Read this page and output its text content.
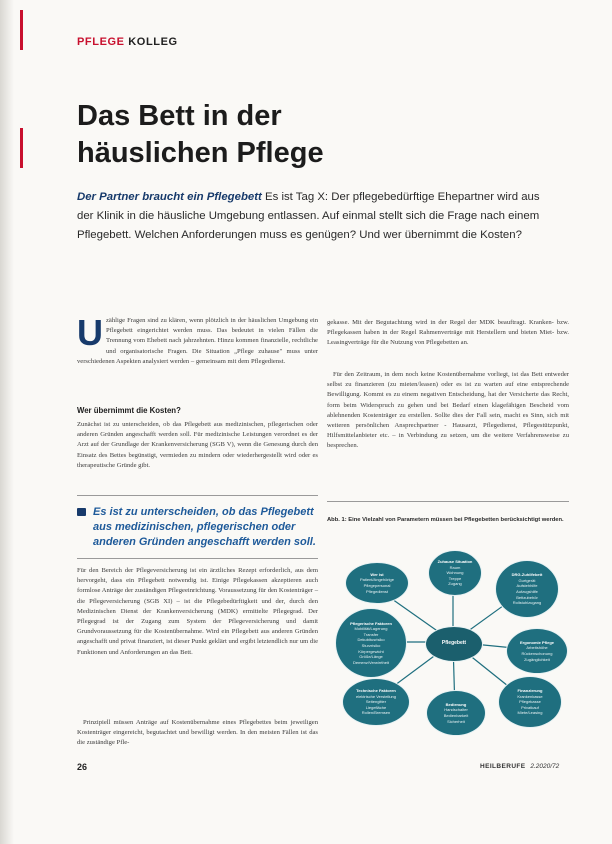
PFLEGE KOLLEG
Das Bett in der
häuslichen Pflege
Der Partner braucht ein Pflegebett Es ist Tag X: Der pflegebedürftige Ehepartner wird aus der Klinik in die häusliche Umgebung entlassen. Auf einmal stellt sich die Frage nach einem Pflegebett. Welchen Anforderungen muss es genügen? Und wer übernimmt die Kosten?
U zählige Fragen sind zu klären, wenn plötzlich in der häuslichen Umgebung ein Pflegebett eingerichtet werden muss. Das bedeutet in vielen Fällen die Trennung vom Ehebett nach jahrzehnten. Hinzu kommen finanzielle, rechtliche und organisatorische Fragen. Die Situation „Pflege zuhause" muss unter verschiedenen Aspekten analysiert werden – gemeinsam mit dem Pflegedienst.
Wer übernimmt die Kosten?
Zunächst ist zu unterscheiden, ob das Pflegebett aus medizinischen, pflegerischen oder anderen Gründen angeschafft werden soll. Für medizinische Leistungen verordnet es der Arzt auf der Grundlage der Krankenversicherung (SGB V), wenn die Genesung durch den Einsatz des Bettes begünstigt, vermieden zu mindern oder wiederhergestellt wird oder es therapeutische Gründe gibt.
Es ist zu unterscheiden, ob das Pflegebett aus medizinischen, pflegerischen oder anderen Gründen angeschafft werden soll.
Für den Bereich der Pflegeversicherung ist ein ärztliches Rezept erforderlich, aus dem hervorgeht, dass ein Pflegebett notwendig ist. Einige Pflegekassen akzeptieren auch formlose Anträge der zuständigen Pflegeeinrichtung. Voraussetzung für den Kostenträger – die Pflegeversicherung (SGB XI) – ist die Pflegebedürftigkeit und der, durch den Medizinischen Dienst der Krankenversicherung (MDK) ermittelte Pflegegrad. Der Pflegegrad ist der Zugang zum System der Pflegeversicherung und damit Grundvoraussetzung für die Kostenübernahme. Wird ein Pflegebett aus anderen Gründen angeschafft und privat finanziert, ist dieser Punkt geklärt und ergibt letztendlich nur um die Funktionen und Anforderungen an das Bett.
Prinzipiell müssen Anträge auf Kostenübernahme eines Pflegebettes beim jeweiligen Kostenträger eingereicht, begutachtet und bewilligt werden. In den meisten Fällen ist das die zuständige Pfle-
gekasse. Mit der Begutachtung wird in der Regel der MDK beauftragt. Kranken- bzw. Pflegekassen haben in der Regel Rahmenverträge mit Herstellern und bieten Miet- bzw. Leasingverträge für die Nutzung von Pflegebetten an.
Für den Zeitraum, in dem noch keine Kostenübernahme vorliegt, ist das Bett entweder selbst zu finanzieren (zu mieten/leasen) oder es ist zu warten auf eine entsprechende Bewilligung. Kommt es zu einem negativen Entscheidung, hat der Versicherte das Recht, form beim Widerspruch zu gehen und bei Bedarf einen klagefähigen Bescheid vom ablehnenden Kostenträger zu erstellen. Sollte dies der Fall sein, macht es Sinn, sich mit weiteren persönlichen Ansprechpartner - Hausarzt, Pflegedienst, Pflegestützpunkt, Hilfsmittelanbieter etc. – in Verbindung zu setzen, um die weitere Verfahrensweise zu besprechen.
Abb. 1: Eine Vielzahl von Parametern müssen bei Pflegebetten berücksichtigt werden.
Pflegebett
Zuhause Situation
Raum
Wohnung
Treppe
Zugang
Wer ist
Patient/Angehörige
Pflegepersonal
Pflegedienst
DRG-Zuhilfebett
Gurtgerät
Aufstehhilfe
Aufzugshilfe
Bettzubehör
Rollstuhlzugang
Pflegerische Faktoren
Mobilität/Lagerung
Transfer
Dekubitusrisiko
Sturzrisiko
Körpergewicht
Größe/Länge
Demenz/Verwirrtheit
Ergonomie Pflege
Arbeitshöhe
Rückenschonung
Zugänglichkeit
Technische Faktoren
elektrische Verstellung
Seitengitter
Liegefläche
Rollen/Bremsen
Bedienung
Handschalter
Bedienbarkeit
Sicherheit
Finanzierung
Krankenkasse
Pflegekasse
Privatkauf
Miete/Leasing
26	HEILBERUFE 2.2020/72
